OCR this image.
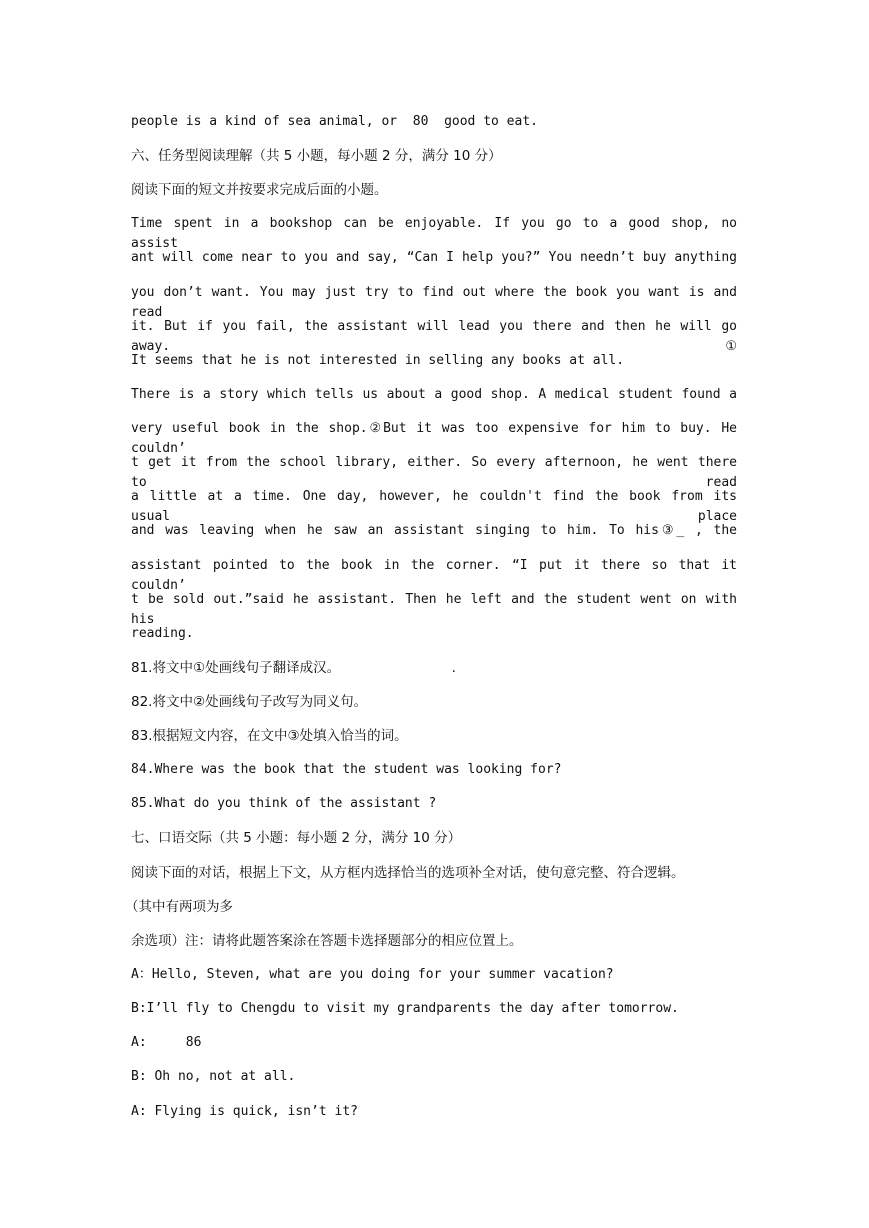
people is a kind of sea animal, or  80  good to eat.
六、任务型阅读理解（共 5 小题，每小题 2 分，满分 10 分）
阅读下面的短文并按要求完成后面的小题。
Time spent in a bookshop can be enjoyable. If you go to a good shop, no assist
ant will come near to you and say, “Can I help you?” You needn’t buy anything
you don’t want. You may just try to find out where the book you want is and read
it. But if you fail, the assistant will lead you there and then he will go away. ①
It seems that he is not interested in selling any books at all.
There is a story which tells us about a good shop. A medical student found a
very useful book in the shop.②But it was too expensive for him to buy. He couldn’
t get it from the school library, either. So every afternoon, he went there to read
a little at a time. One day, however, he couldn't find the book from its usual place
and was leaving when he saw an assistant singing to him. To his③_ , the
assistant pointed to the book in the corner. “I put it there so that it couldn’
t be sold out.”said he assistant. Then he left and the student went on with his
reading.
81.将文中①处画线句子翻译成汉。                          .
82.将文中②处画线句子改写为同义句。
83.根据短文内容，在文中③处填入恰当的词。
84.Where was the book that the student was looking for?
85.What do you think of the assistant ?
七、口语交际（共 5 小题：每小题 2 分，满分 10 分）
阅读下面的对话，根据上下文，从方框内选择恰当的选项补全对话，使句意完整、符合逻辑。
（其中有两项为多
余选项）注：请将此题答案涂在答题卡选择题部分的相应位置上。
A：Hello, Steven, what are you doing for your summer vacation?
B:I’ll fly to Chengdu to visit my grandparents the day after tomorrow.
A:     86
B: Oh no, not at all.
A: Flying is quick, isn’t it?
